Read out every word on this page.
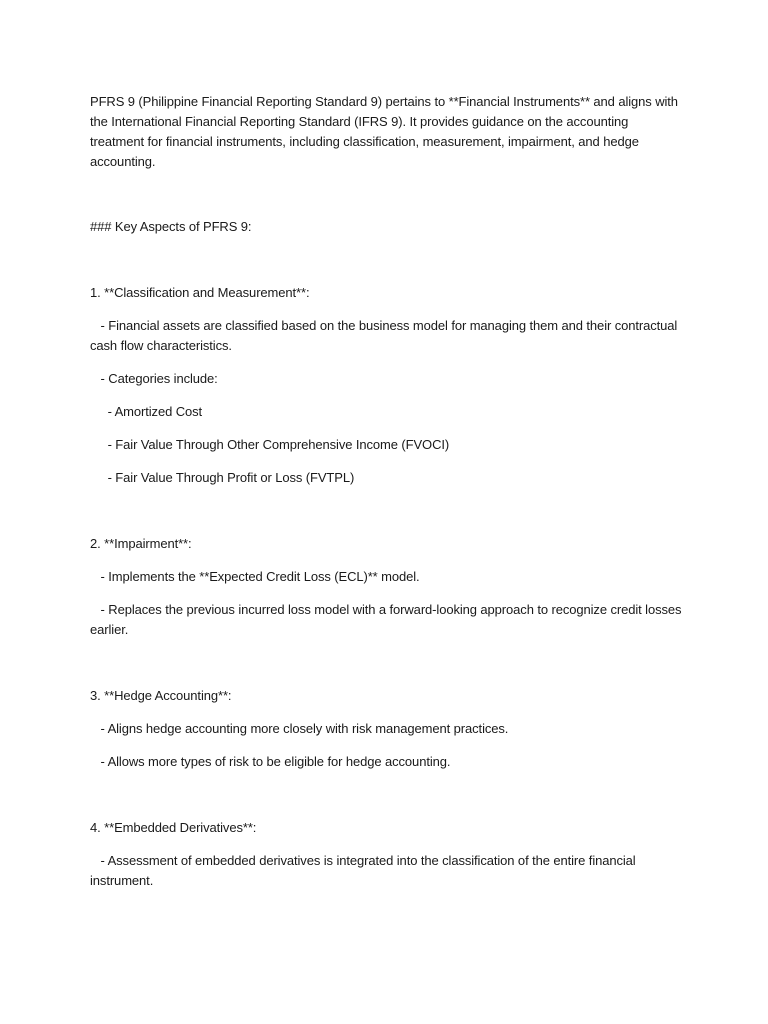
PFRS 9 (Philippine Financial Reporting Standard 9) pertains to **Financial Instruments** and aligns with the International Financial Reporting Standard (IFRS 9). It provides guidance on the accounting treatment for financial instruments, including classification, measurement, impairment, and hedge accounting.

### Key Aspects of PFRS 9:

1. **Classification and Measurement**:

- Financial assets are classified based on the business model for managing them and their contractual cash flow characteristics.

- Categories include:

- Amortized Cost

- Fair Value Through Other Comprehensive Income (FVOCI)

- Fair Value Through Profit or Loss (FVTPL)

2. **Impairment**:

- Implements the **Expected Credit Loss (ECL)** model.

- Replaces the previous incurred loss model with a forward-looking approach to recognize credit losses earlier.

3. **Hedge Accounting**:

- Aligns hedge accounting more closely with risk management practices.

- Allows more types of risk to be eligible for hedge accounting.

4. **Embedded Derivatives**:

- Assessment of embedded derivatives is integrated into the classification of the entire financial instrument.
